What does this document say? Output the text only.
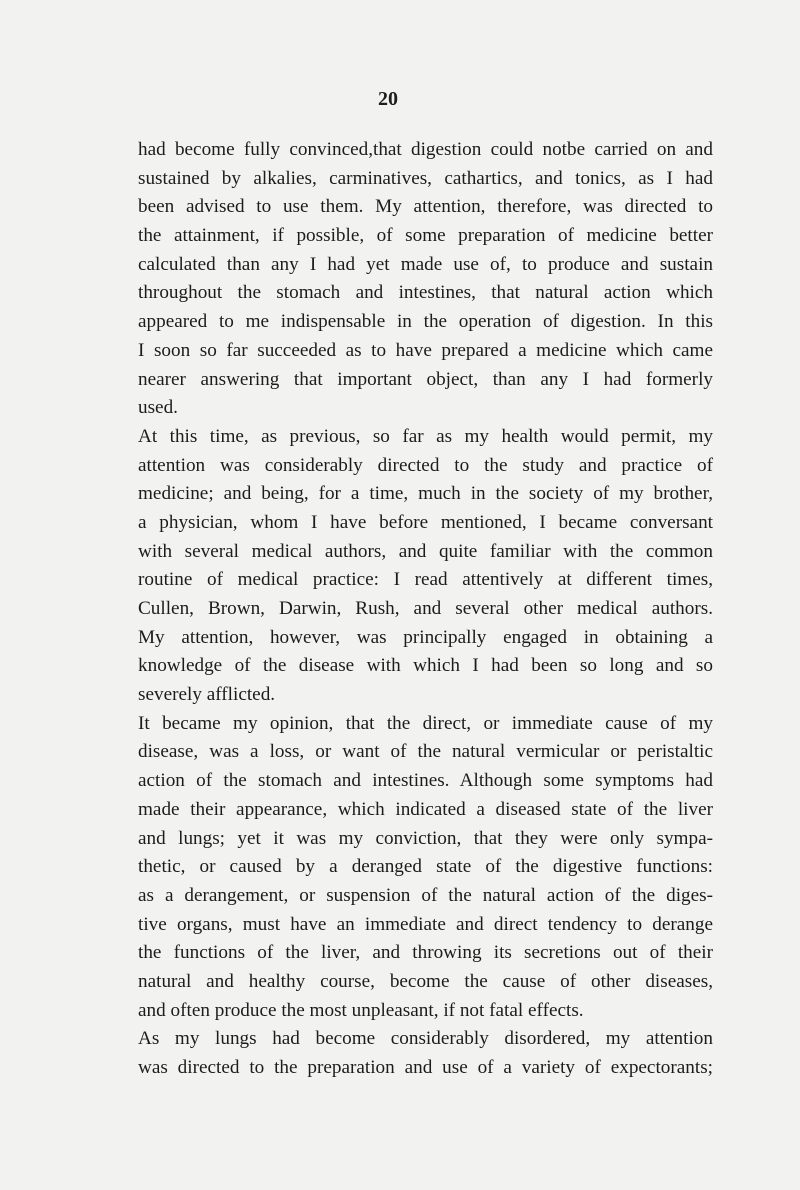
20
had become fully convinced,that digestion could notbe carried on and
sustained by alkalies, carminatives, cathartics, and tonics, as I had
been advised to use them. My attention, therefore, was directed to
the attainment, if possible, of some preparation of medicine better
calculated than any I had yet made use of, to produce and sustain
throughout the stomach and intestines, that natural action which
appeared to me indispensable in the operation of digestion. In this
I soon so far succeeded as to have prepared a medicine which came
nearer answering that important object, than any I had formerly
used.
At this time, as previous, so far as my health would permit, my
attention was considerably directed to the study and practice of
medicine; and being, for a time, much in the society of my brother,
a physician, whom I have before mentioned, I became conversant
with several medical authors, and quite familiar with the common
routine of medical practice: I read attentively at different times,
Cullen, Brown, Darwin, Rush, and several other medical authors.
My attention, however, was principally engaged in obtaining a
knowledge of the disease with which I had been so long and so
severely afflicted.
It became my opinion, that the direct, or immediate cause of my
disease, was a loss, or want of the natural vermicular or peristaltic
action of the stomach and intestines. Although some symptoms had
made their appearance, which indicated a diseased state of the liver
and lungs; yet it was my conviction, that they were only sympa-
thetic, or caused by a deranged state of the digestive functions:
as a derangement, or suspension of the natural action of the diges-
tive organs, must have an immediate and direct tendency to derange
the functions of the liver, and throwing its secretions out of their
natural and healthy course, become the cause of other diseases,
and often produce the most unpleasant, if not fatal effects.
As my lungs had become considerably disordered, my attention
was directed to the preparation and use of a variety of expectorants;
